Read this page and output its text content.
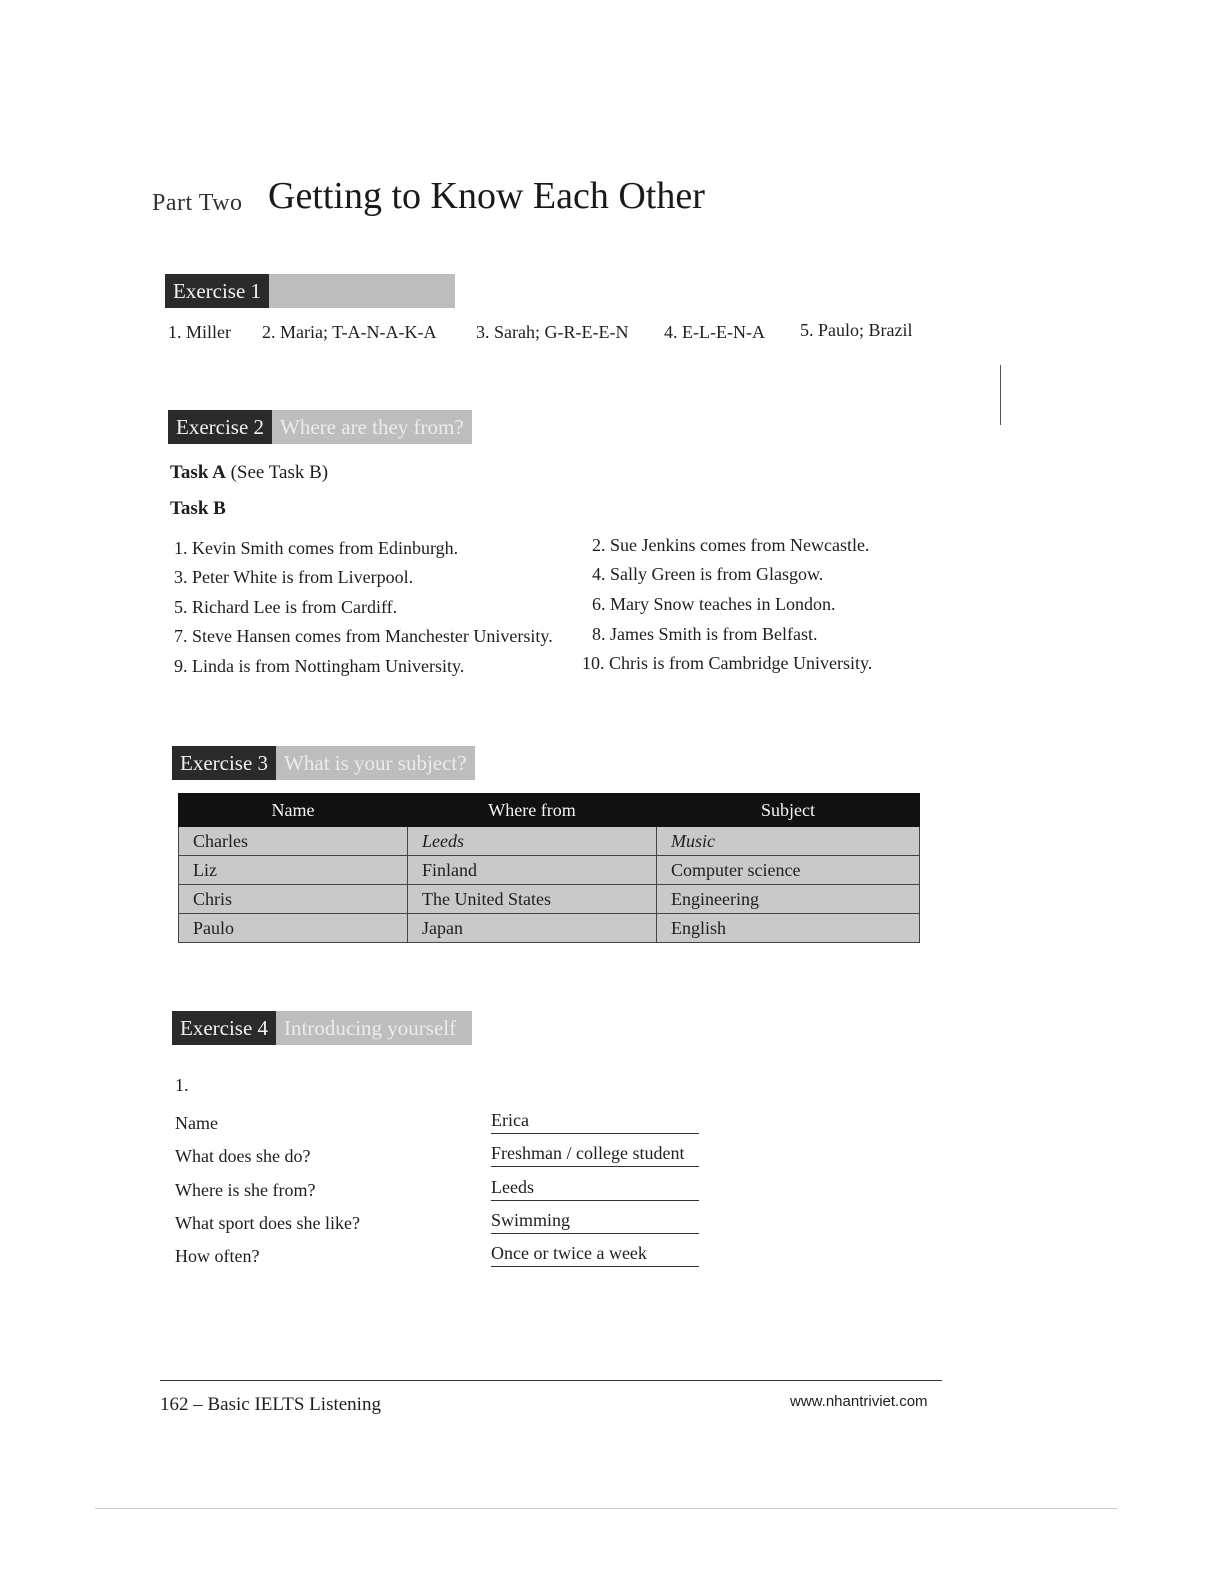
Part Two Getting to Know Each Other
Exercise 1
1. Miller 2. Maria; T-A-N-A-K-A 3. Sarah; G-R-E-E-N 4. E-L-E-N-A 5. Paulo; Brazil
Exercise 2 Where are they from?
Task A (See Task B)
Task B
1. Kevin Smith comes from Edinburgh.	2. Sue Jenkins comes from Newcastle.
3. Peter White is from Liverpool.	4. Sally Green is from Glasgow.
5. Richard Lee is from Cardiff.	6. Mary Snow teaches in London.
7. Steve Hansen comes from Manchester University. 8. James Smith is from Belfast.
9. Linda is from Nottingham University.	10. Chris is from Cambridge University.
Exercise 3 What is your subject?
Name	Where from	Subject
Charles	Leeds	Music
Liz	Finland	Computer science
Chris	The United States	Engineering
Paulo	Japan	English
Exercise 4 Introducing yourself
1.
Name	Erica
What does she do?	Freshman / college student
Where is she from?	Leeds
What sport does she like?	Swimming
How often?	Once or twice a week
162 – Basic IELTS Listening	www.nhantriviet.com
